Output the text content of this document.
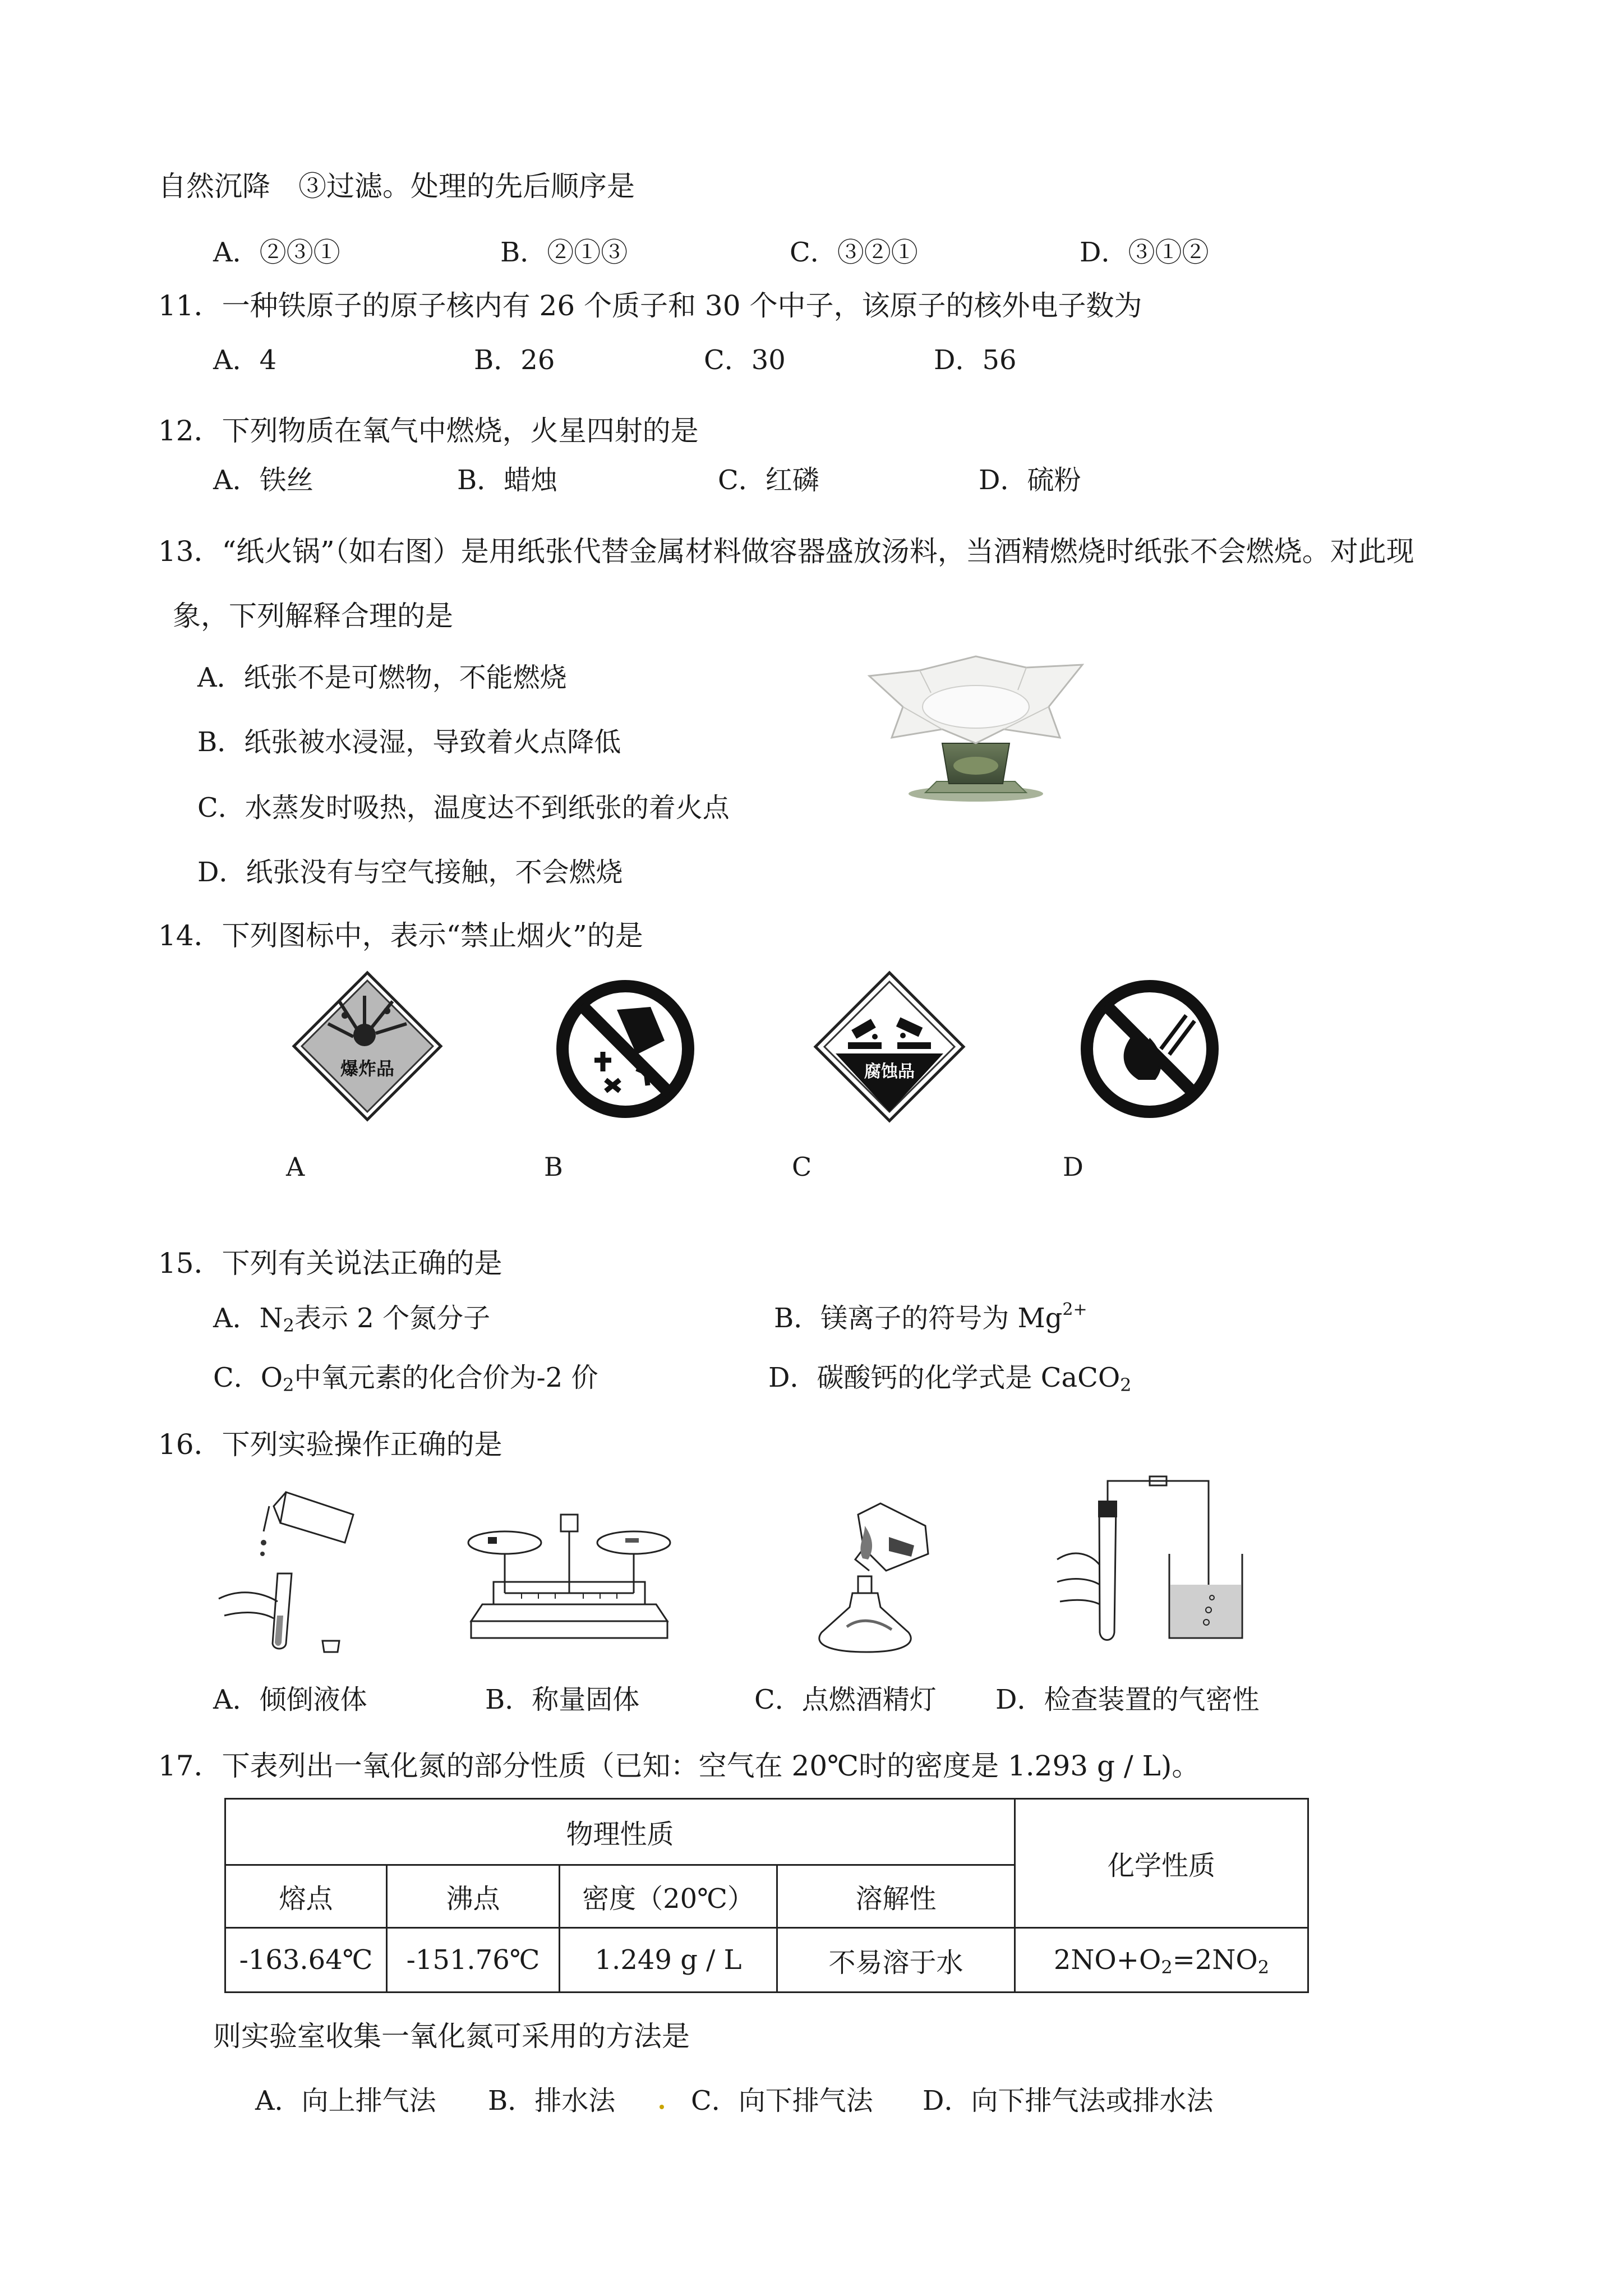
自然沉降　③过滤。处理的先后顺序是
A．②③①	B．②①③	C．③②①	D．③①②
11．一种铁原子的原子核内有 26 个质子和 30 个中子，该原子的核外电子数为
A．4	B．26	C．30	D．56
12．下列物质在氧气中燃烧，火星四射的是
A．铁丝	B．蜡烛	C．红磷	D．硫粉
13．“纸火锅”（如右图）是用纸张代替金属材料做容器盛放汤料，当酒精燃烧时纸张不会燃烧。对此现
象，下列解释合理的是
A．纸张不是可燃物，不能燃烧
B．纸张被水浸湿，导致着火点降低
C．水蒸发时吸热，温度达不到纸张的着火点
D．纸张没有与空气接触，不会燃烧
14．下列图标中，表示“禁止烟火”的是
爆炸品
A	B
腐蚀品
C	D
15．下列有关说法正确的是
A．$N_2$表示 2 个氮分子	B．镁离子的符号为 $Mg^{2+}$
C．$O_2$中氧元素的化合价为-2 价	D．碳酸钙的化学式是 CaCO$_2$
16．下列实验操作正确的是
A．倾倒液体	B．称量固体	C．点燃酒精灯 D．检查装置的气密性
17．下表列出一氧化氮的部分性质（已知：空气在 20℃时的密度是 1.293 g / L)。
物理性质				化学性质
熔点	沸点	密度（20℃）	溶解性	
-163.64℃	-151.76℃	1.249 g / L	不易溶于水	$2NO+O_2=2NO_2$
则实验室收集一氧化氮可采用的方法是
A．向上排气法 B．排水法	C．向下排气法 D．向下排气法或排水法
